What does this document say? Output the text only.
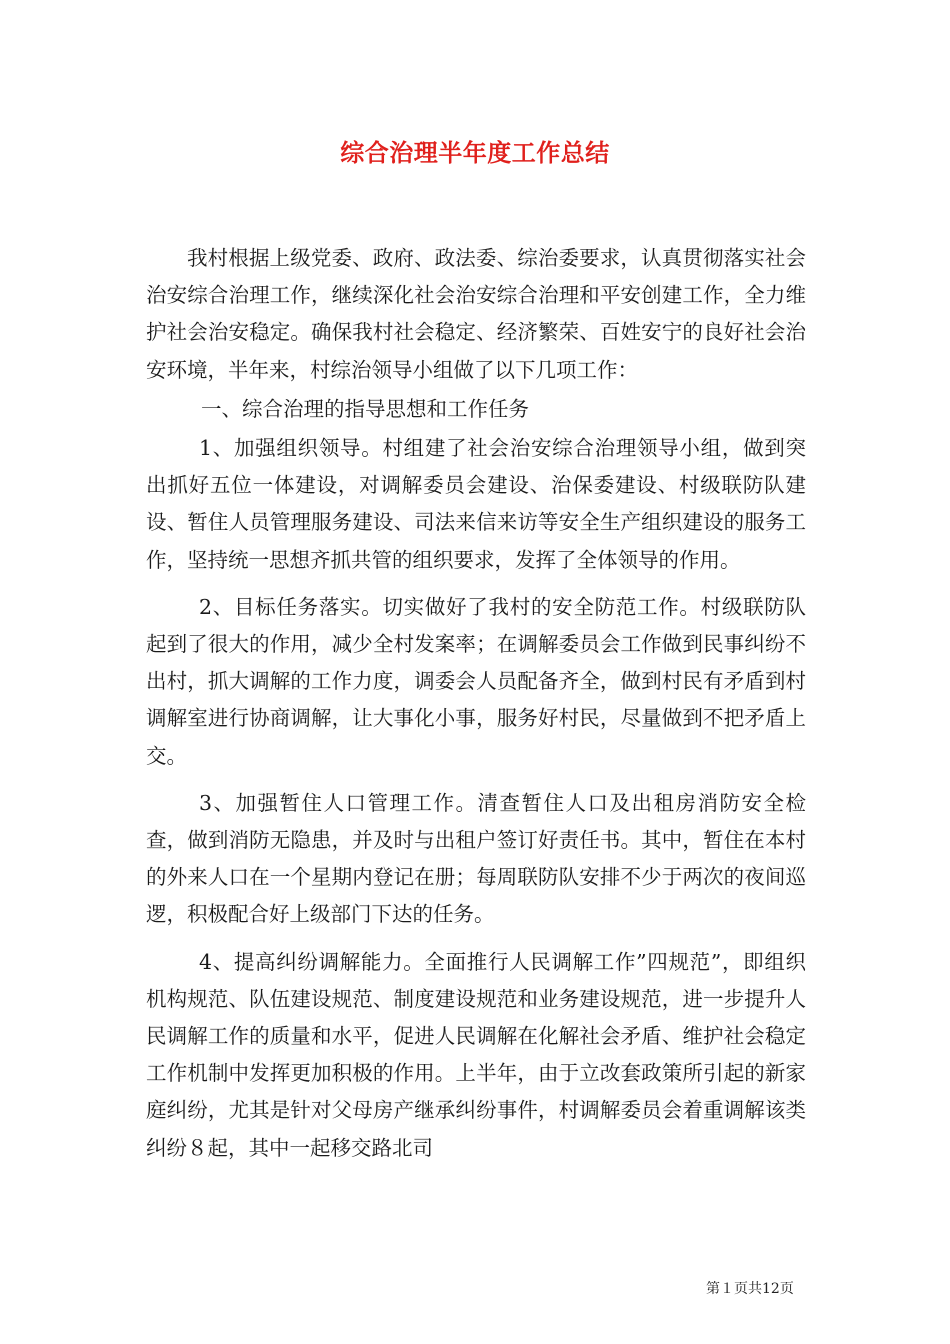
综合治理半年度工作总结

我村根据上级党委、政府、政法委、综治委要求，认真贯彻落实社会治安综合治理工作，继续深化社会治安综合治理和平安创建工作，全力维护社会治安稳定。确保我村社会稳定、经济繁荣、百姓安宁的良好社会治安环境，半年来，村综治领导小组做了以下几项工作：

一、综合治理的指导思想和工作任务

1、加强组织领导。村组建了社会治安综合治理领导小组，做到突出抓好五位一体建设，对调解委员会建设、治保委建设、村级联防队建设、暂住人员管理服务建设、司法来信来访等安全生产组织建设的服务工作，坚持统一思想齐抓共管的组织要求，发挥了全体领导的作用。

2、目标任务落实。切实做好了我村的安全防范工作。村级联防队起到了很大的作用，减少全村发案率；在调解委员会工作做到民事纠纷不出村，抓大调解的工作力度，调委会人员配备齐全，做到村民有矛盾到村调解室进行协商调解，让大事化小事，服务好村民，尽量做到不把矛盾上交。

3、加强暂住人口管理工作。清查暂住人口及出租房消防安全检查，做到消防无隐患，并及时与出租户签订好责任书。其中，暂住在本村的外来人口在一个星期内登记在册；每周联防队安排不少于两次的夜间巡逻，积极配合好上级部门下达的任务。

4、提高纠纷调解能力。全面推行人民调解工作”四规范”，即组织机构规范、队伍建设规范、制度建设规范和业务建设规范，进一步提升人民调解工作的质量和水平，促进人民调解在化解社会矛盾、维护社会稳定工作机制中发挥更加积极的作用。上半年，由于立改套政策所引起的新家庭纠纷，尤其是针对父母房产继承纠纷事件，村调解委员会着重调解该类纠纷８起，其中一起移交路北司

第１页共12页
